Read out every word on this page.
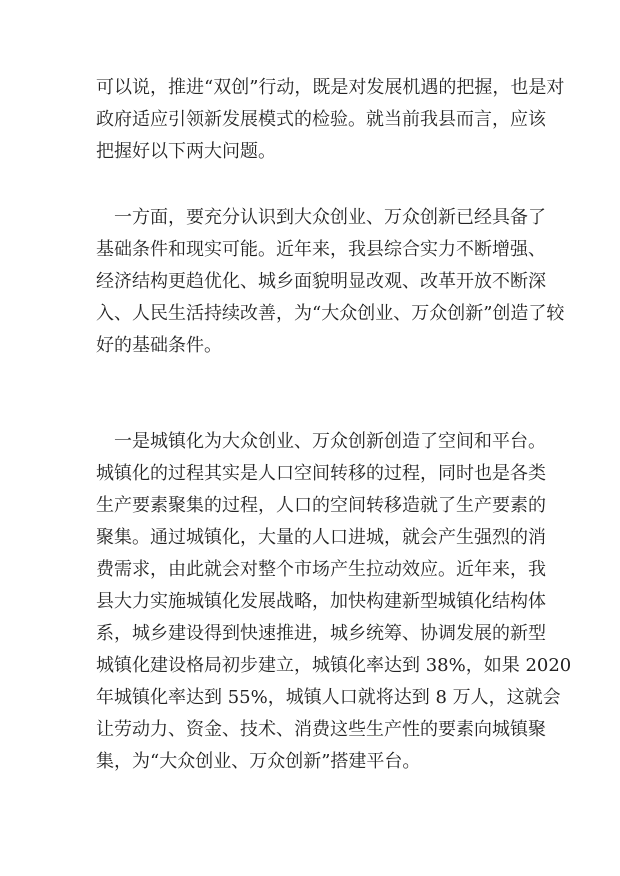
可以说，推进“双创”行动，既是对发展机遇的把握，也是对
政府适应引领新发展模式的检验。就当前我县而言，应该
把握好以下两大问题。
一方面，要充分认识到大众创业、万众创新已经具备了
基础条件和现实可能。近年来，我县综合实力不断增强、
经济结构更趋优化、城乡面貌明显改观、改革开放不断深
入、人民生活持续改善，为“大众创业、万众创新”创造了较
好的基础条件。
一是城镇化为大众创业、万众创新创造了空间和平台。
城镇化的过程其实是人口空间转移的过程，同时也是各类
生产要素聚集的过程，人口的空间转移造就了生产要素的
聚集。通过城镇化，大量的人口进城，就会产生强烈的消
费需求，由此就会对整个市场产生拉动效应。近年来，我
县大力实施城镇化发展战略，加快构建新型城镇化结构体
系，城乡建设得到快速推进，城乡统筹、协调发展的新型
城镇化建设格局初步建立，城镇化率达到 38%，如果 2020
年城镇化率达到 55%，城镇人口就将达到 8 万人，这就会
让劳动力、资金、技术、消费这些生产性的要素向城镇聚
集，为“大众创业、万众创新”搭建平台。
